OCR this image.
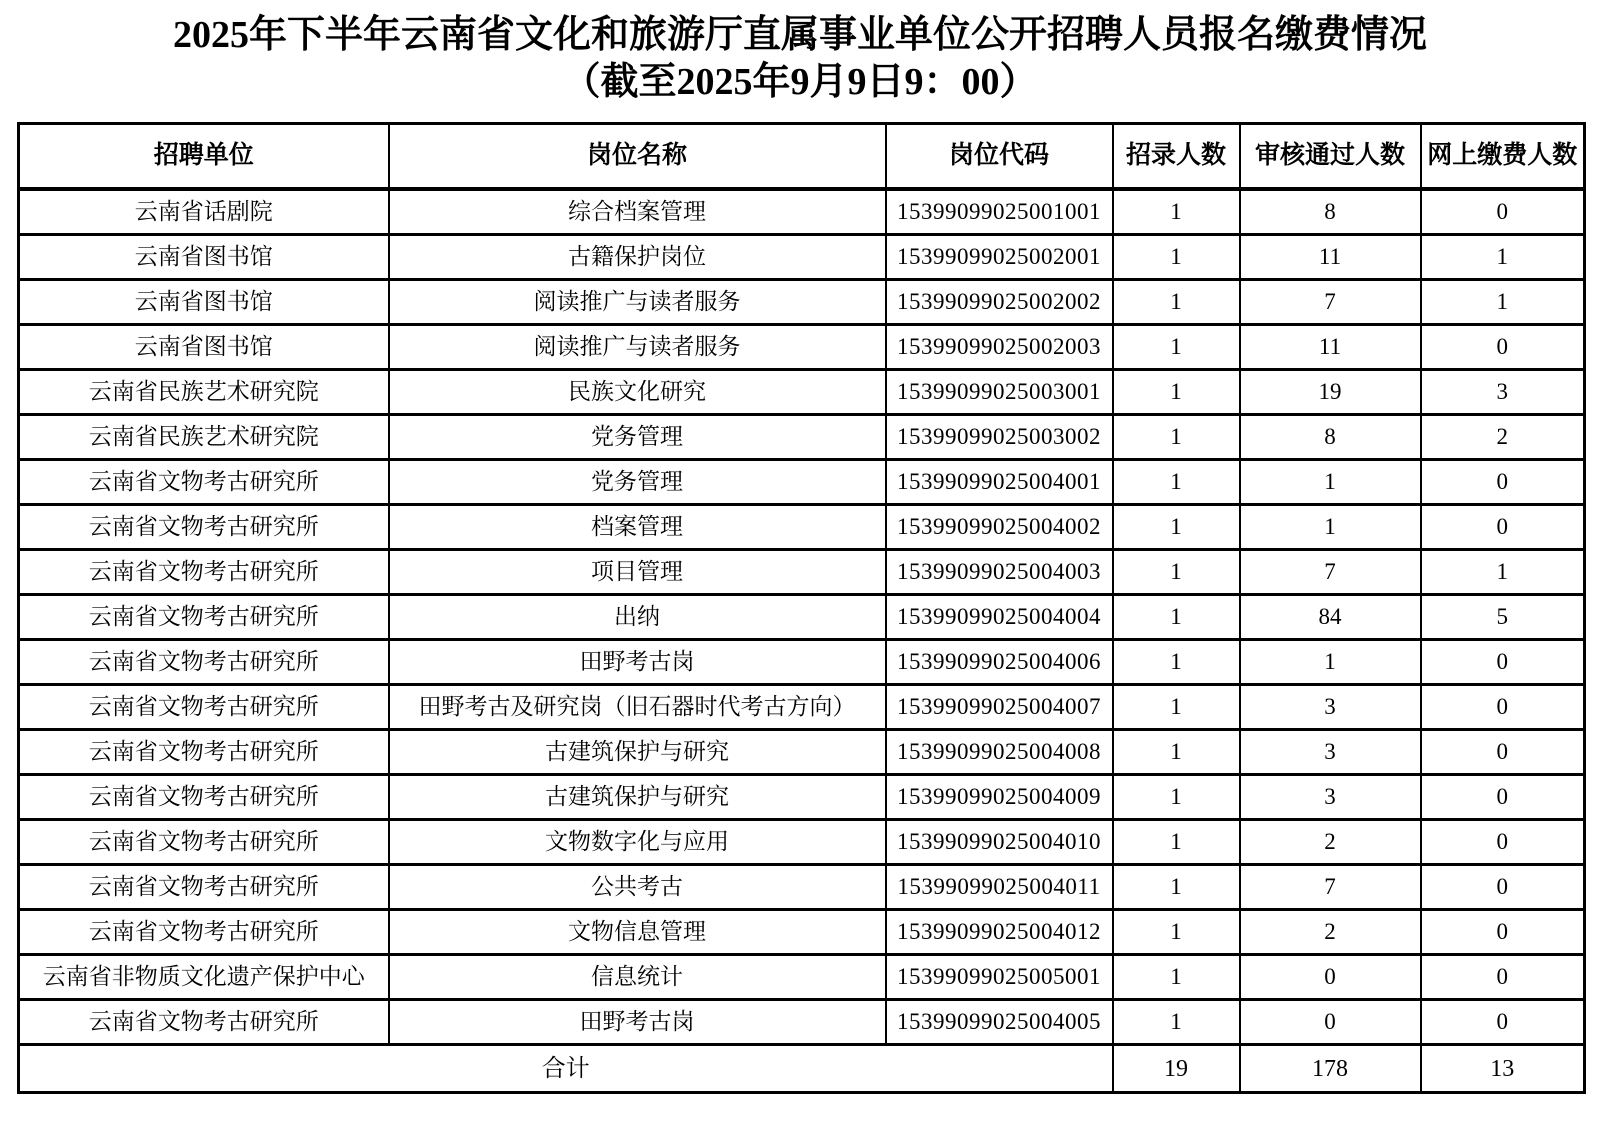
2025年下半年云南省文化和旅游厅直属事业单位公开招聘人员报名缴费情况
（截至2025年9月9日9：00）
招聘单位	岗位名称	岗位代码	招录人数	审核通过人数	网上缴费人数
云南省话剧院	综合档案管理	15399099025001001	1	8	0
云南省图书馆	古籍保护岗位	15399099025002001	1	11	1
云南省图书馆	阅读推广与读者服务	15399099025002002	1	7	1
云南省图书馆	阅读推广与读者服务	15399099025002003	1	11	0
云南省民族艺术研究院	民族文化研究	15399099025003001	1	19	3
云南省民族艺术研究院	党务管理	15399099025003002	1	8	2
云南省文物考古研究所	党务管理	15399099025004001	1	1	0
云南省文物考古研究所	档案管理	15399099025004002	1	1	0
云南省文物考古研究所	项目管理	15399099025004003	1	7	1
云南省文物考古研究所	出纳	15399099025004004	1	84	5
云南省文物考古研究所	田野考古岗	15399099025004006	1	1	0
云南省文物考古研究所	田野考古及研究岗（旧石器时代考古方向）	15399099025004007	1	3	0
云南省文物考古研究所	古建筑保护与研究	15399099025004008	1	3	0
云南省文物考古研究所	古建筑保护与研究	15399099025004009	1	3	0
云南省文物考古研究所	文物数字化与应用	15399099025004010	1	2	0
云南省文物考古研究所	公共考古	15399099025004011	1	7	0
云南省文物考古研究所	文物信息管理	15399099025004012	1	2	0
云南省非物质文化遗产保护中心	信息统计	15399099025005001	1	0	0
云南省文物考古研究所	田野考古岗	15399099025004005	1	0	0
合计			19	178	13
